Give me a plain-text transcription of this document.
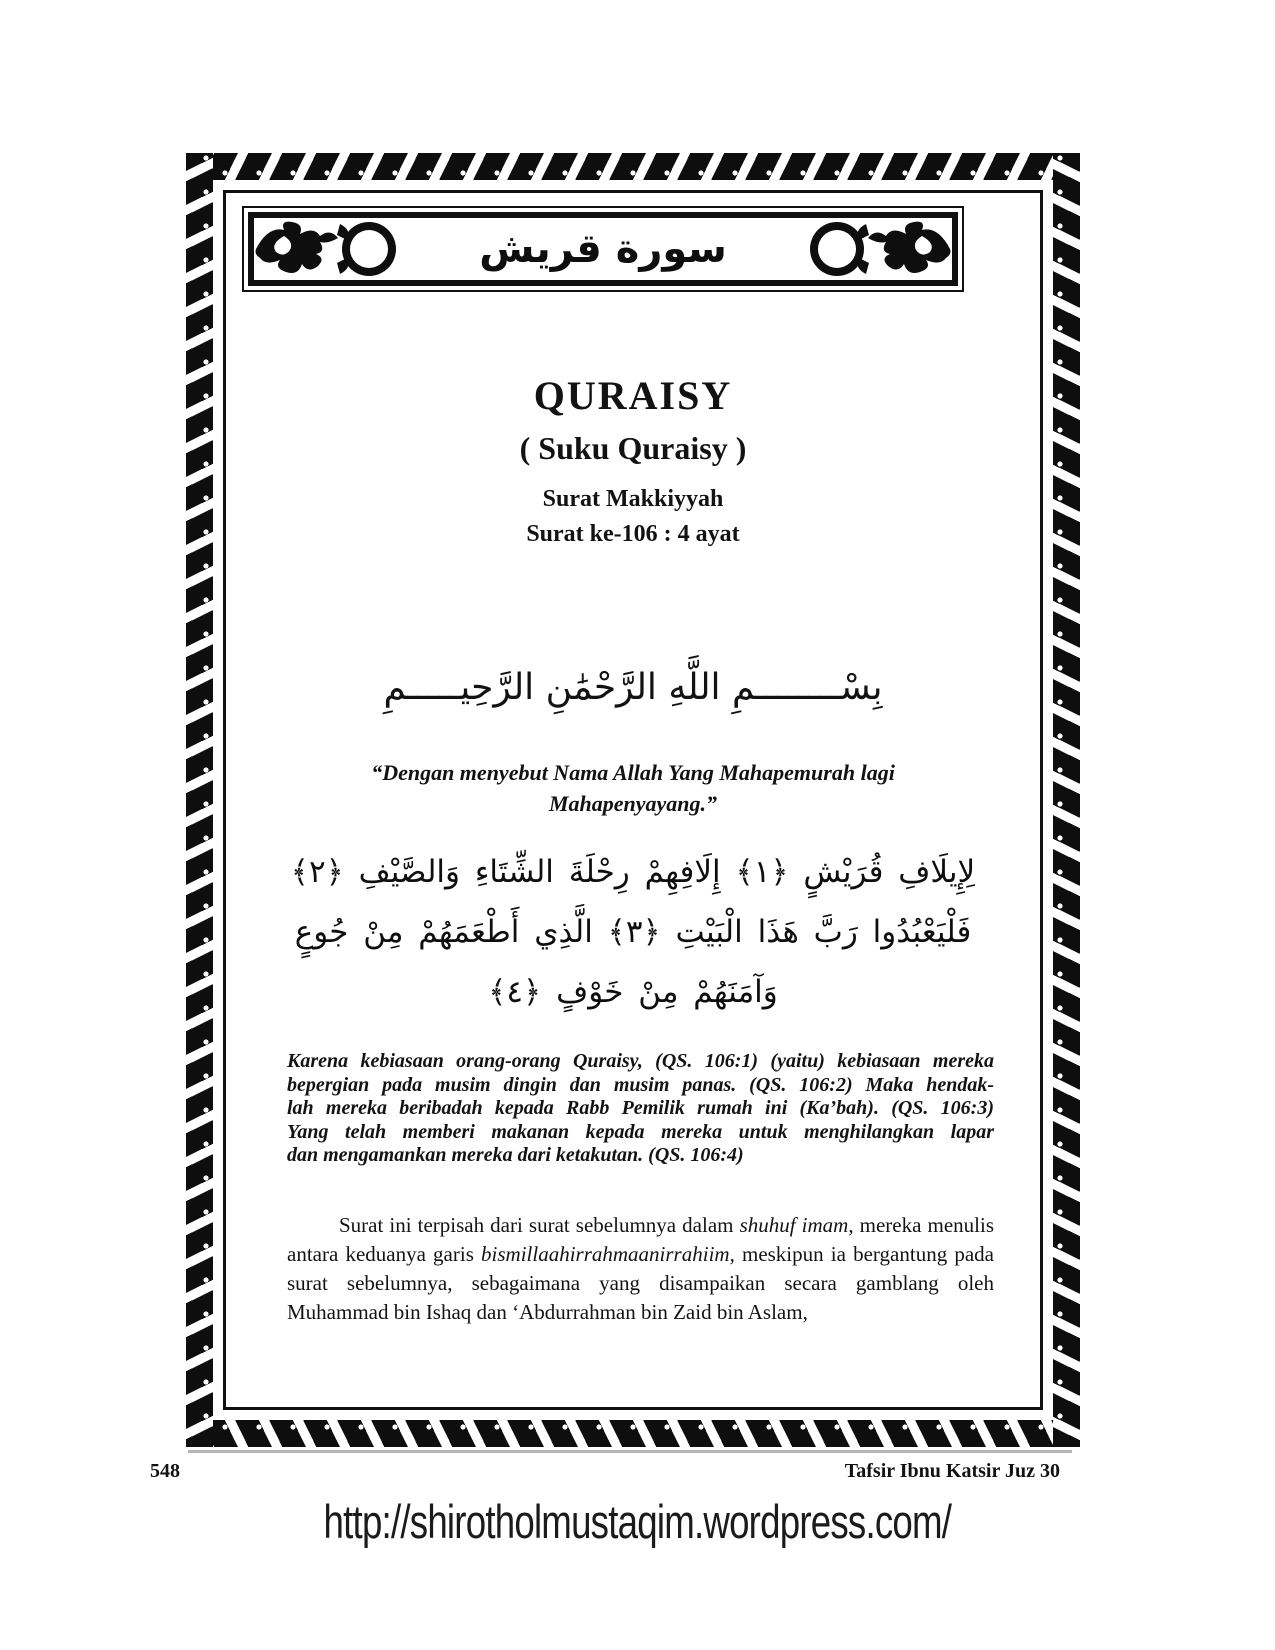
سورة قريش
QURAISY
( Suku Quraisy )
Surat Makkiyyah
Surat ke-106 : 4 ayat
بِسْــــــــمِ اللَّهِ الرَّحْمَٰنِ الرَّحِيـــــمِ
“Dengan menyebut Nama Allah Yang Mahapemurah lagi
Mahapenyayang.”
لِإِيلَافِ قُرَيْشٍ ﴿١﴾ إِلَافِهِمْ رِحْلَةَ الشِّتَاءِ وَالصَّيْفِ ﴿٢﴾
فَلْيَعْبُدُوا رَبَّ هَذَا الْبَيْتِ ﴿٣﴾ الَّذِي أَطْعَمَهُمْ مِنْ جُوعٍ
وَآمَنَهُمْ مِنْ خَوْفٍ ﴿٤﴾
Karena kebiasaan orang-orang Quraisy, (QS. 106:1) (yaitu) kebiasaan mereka
bepergian pada musim dingin dan musim panas. (QS. 106:2) Maka hendak-
lah mereka beribadah kepada Rabb Pemilik rumah ini (Ka’bah). (QS. 106:3)
Yang telah memberi makanan kepada mereka untuk menghilangkan lapar
dan mengamankan mereka dari ketakutan. (QS. 106:4)

Surat ini terpisah dari surat sebelumnya dalam shuhuf imam, mereka menulis antara keduanya garis bismillaahirrahmaanirrahiim, meskipun ia bergantung pada surat sebelumnya, sebagaimana yang disampaikan secara gamblang oleh Muhammad bin Ishaq dan ‘Abdurrahman bin Zaid bin Aslam,

548	Tafsir Ibnu Katsir Juz 30
http://shirotholmustaqim.wordpress.com/
